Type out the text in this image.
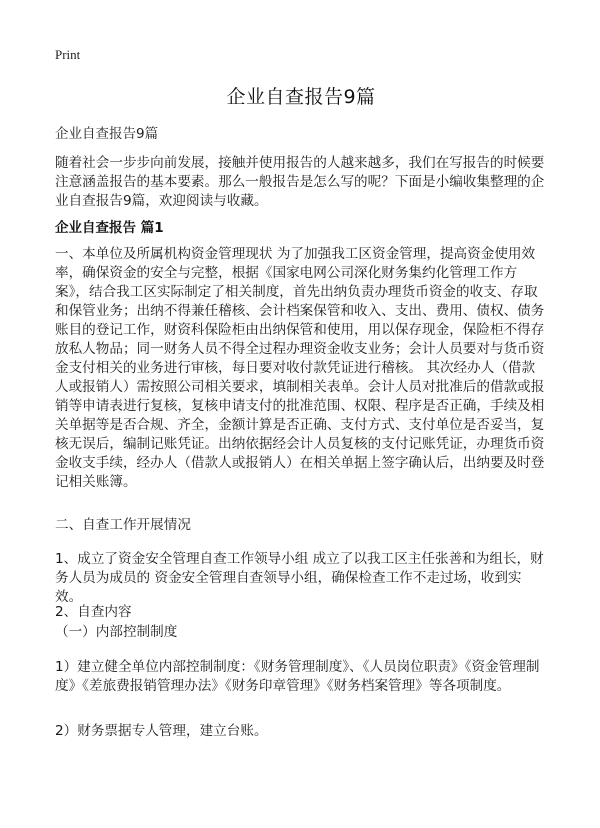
Print
企业自查报告9篇
企业自查报告9篇

随着社会一步步向前发展，接触并使用报告的人越来越多，我们在写报告的时候要注意涵盖报告的基本要素。那么一般报告是怎么写的呢？下面是小编收集整理的企业自查报告9篇，欢迎阅读与收藏。

企业自查报告 篇1

一、本单位及所属机构资金管理现状 为了加强我工区资金管理，提高资金使用效率，确保资金的安全与完整，根据《国家电网公司深化财务集约化管理工作方案》，结合我工区实际制定了相关制度，首先出纳负责办理货币资金的收支、存取和保管业务；出纳不得兼任稽核、会计档案保管和收入、支出、费用、债权、债务账目的登记工作，财资科保险柜由出纳保管和使用，用以保存现金，保险柜不得存放私人物品；同一财务人员不得全过程办理资金收支业务；会计人员要对与货币资金支付相关的业务进行审核，每日要对收付款凭证进行稽核。 其次经办人（借款人或报销人）需按照公司相关要求，填制相关表单。会计人员对批准后的借款或报销等申请表进行复核，复核申请支付的批准范围、权限、程序是否正确，手续及相关单据等是否合规、齐全，金额计算是否正确、支付方式、支付单位是否妥当，复核无误后，编制记账凭证。出纳依据经会计人员复核的支付记账凭证，办理货币资金收支手续，经办人（借款人或报销人）在相关单据上签字确认后，出纳要及时登记相关账簿。

二、自查工作开展情况

1、成立了资金安全管理自查工作领导小组 成立了以我工区主任张善和为组长，财务人员为成员的 资金安全管理自查领导小组，确保检查工作不走过场，收到实效。

2、自查内容

（一）内部控制制度

1）建立健全单位内部控制制度：《财务管理制度》、《人员岗位职责》《资金管理制度》《差旅费报销管理办法》《财务印章管理》《财务档案管理》等各项制度。

2）财务票据专人管理，建立台账。
